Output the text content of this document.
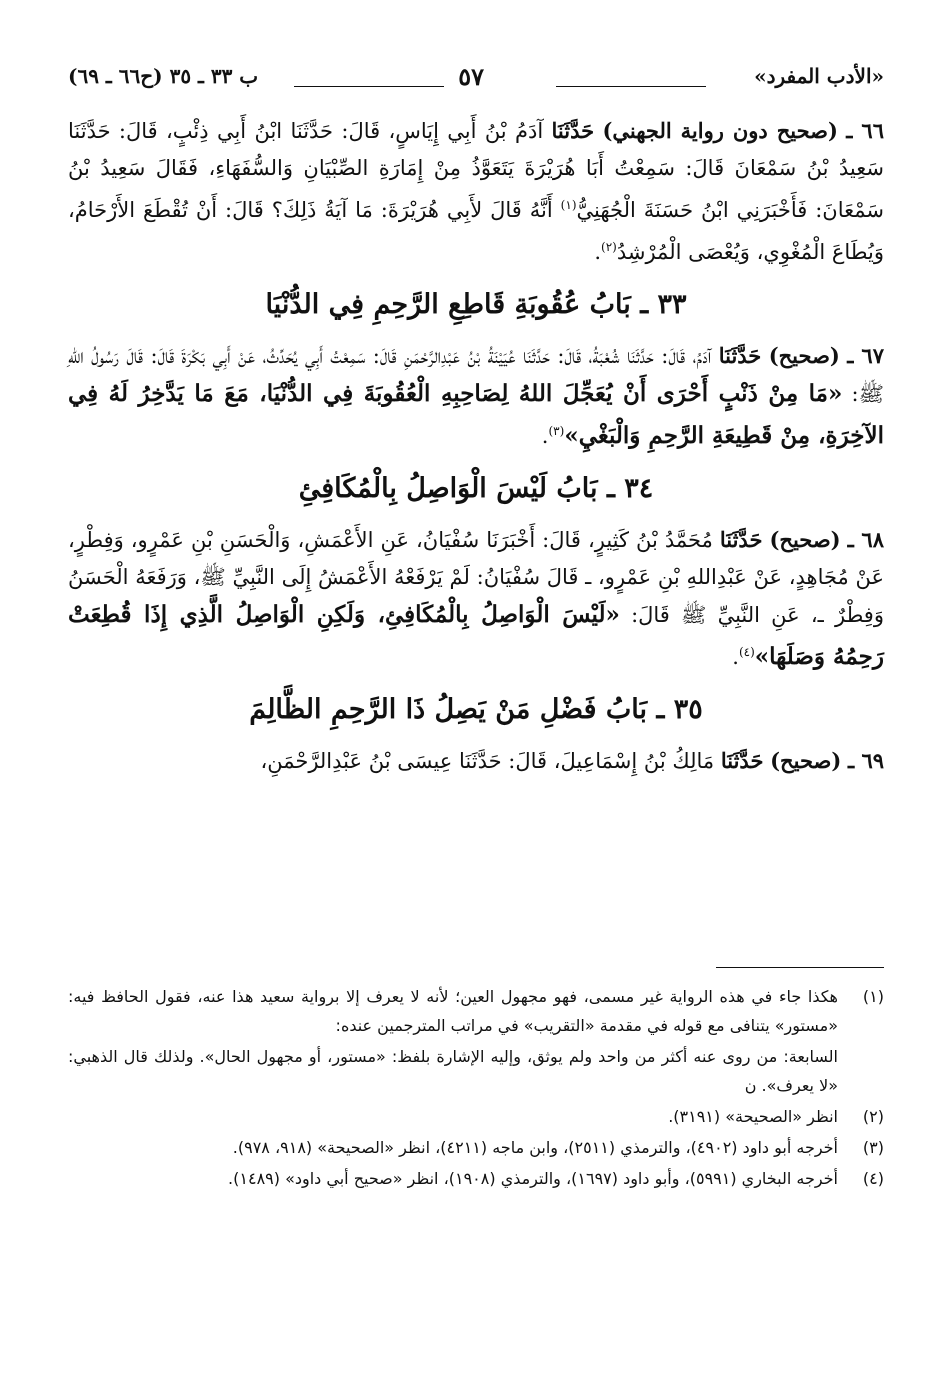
«الأدب المفرد»
٥٧
ب ٣٣ ـ ٣٥ (ح٦٦ ـ ٦٩)

٦٦ ـ (صحيح دون رواية الجهني) حَدَّثَنَا آدَمُ بْنُ أَبِي إِيَاسٍ، قَالَ: حَدَّثَنَا ابْنُ أَبِي ذِئْبٍ، قَالَ: حَدَّثَنَا سَعِيدُ بْنُ سَمْعَانَ قَالَ: سَمِعْتُ أَبَا هُرَيْرَةَ يَتَعَوَّذُ مِنْ إِمَارَةِ الصِّبْيَانِ وَالسُّفَهَاءِ، فَقَالَ سَعِيدُ بْنُ سَمْعَانَ: فَأَخْبَرَنِي ابْنُ حَسَنَةَ الْجُهَنِيُّ$^{(١)}$ أَنَّهُ قَالَ لأَبِي هُرَيْرَةَ: مَا آيَةُ ذَلِكَ؟ قَالَ: أَنْ تُقْطَعَ الأَرْحَامُ، وَيُطَاعَ الْمُغْوِي، وَيُعْصَى الْمُرْشِدُ$^{(٢)}$.

٣٣ ـ بَابُ عُقُوبَةِ قَاطِعِ الرَّحِمِ فِي الدُّنْيَا

٦٧ ـ (صحيح) حَدَّثَنَا آدَمُ، قَالَ: حَدَّثَنَا شُعْبَةُ، قَالَ: حَدَّثَنَا عُيَيْنَةُ بْنُ عَبْدِالرَّحْمَنِ قَالَ: سَمِعْتُ أَبِي يُحَدِّثُ، عَنْ أَبِي بَكْرَةَ قَالَ: قَالَ رَسُولُ اللهِ ﷺ: «مَا مِنْ ذَنْبٍ أَحْرَى أَنْ يُعَجِّلَ اللهُ لِصَاحِبِهِ الْعُقُوبَةَ فِي الدُّنْيَا، مَعَ مَا يَدَّخِرُ لَهُ فِي الآخِرَةِ، مِنْ قَطِيعَةِ الرَّحِمِ وَالْبَغْيِ»$^{(٣)}$.

٣٤ ـ بَابُ لَيْسَ الْوَاصِلُ بِالْمُكَافِئِ

٦٨ ـ (صحيح) حَدَّثَنَا مُحَمَّدُ بْنُ كَثِيرٍ، قَالَ: أَخْبَرَنَا سُفْيَانُ، عَنِ الأَعْمَشِ، وَالْحَسَنِ بْنِ عَمْرٍو، وَفِطْرٍ، عَنْ مُجَاهِدٍ، عَنْ عَبْدِاللهِ بْنِ عَمْرٍو، ـ قَالَ سُفْيَانُ: لَمْ يَرْفَعْهُ الأَعْمَشُ إِلَى النَّبِيِّ ﷺ، وَرَفَعَهُ الْحَسَنُ وَفِطْرٌ ـ، عَنِ النَّبِيِّ ﷺ قَالَ: «لَيْسَ الْوَاصِلُ بِالْمُكَافِئِ، وَلَكِنِ الْوَاصِلُ الَّذِي إِذَا قُطِعَتْ رَحِمُهُ وَصَلَهَا»$^{(٤)}$.

٣٥ ـ بَابُ فَضْلِ مَنْ يَصِلُ ذَا الرَّحِمِ الظَّالِمَ

٦٩ ـ (صحيح) حَدَّثَنَا مَالِكُ بْنُ إِسْمَاعِيلَ، قَالَ: حَدَّثَنَا عِيسَى بْنُ عَبْدِالرَّحْمَنِ،

(١)
هكذا جاء في هذه الرواية غير مسمى، فهو مجهول العين؛ لأنه لا يعرف إلا برواية سعيد هذا عنه، فقول الحافظ فيه: «مستور» يتنافى مع قوله في مقدمة «التقريب» في مراتب المترجمين عنده:
السابعة: من روى عنه أكثر من واحد ولم يوثق، وإليه الإشارة بلفظ: «مستور، أو مجهول الحال». ولذلك قال الذهبي: «لا يعرف». ن
(٢)
انظر «الصحيحة» (٣١٩١).
(٣)
أخرجه أبو داود (٤٩٠٢)، والترمذي (٢٥١١)، وابن ماجه (٤٢١١)، انظر «الصحيحة» (٩١٨، ٩٧٨).
(٤)
أخرجه البخاري (٥٩٩١)، وأبو داود (١٦٩٧)، والترمذي (١٩٠٨)، انظر «صحيح أبي داود» (١٤٨٩).
